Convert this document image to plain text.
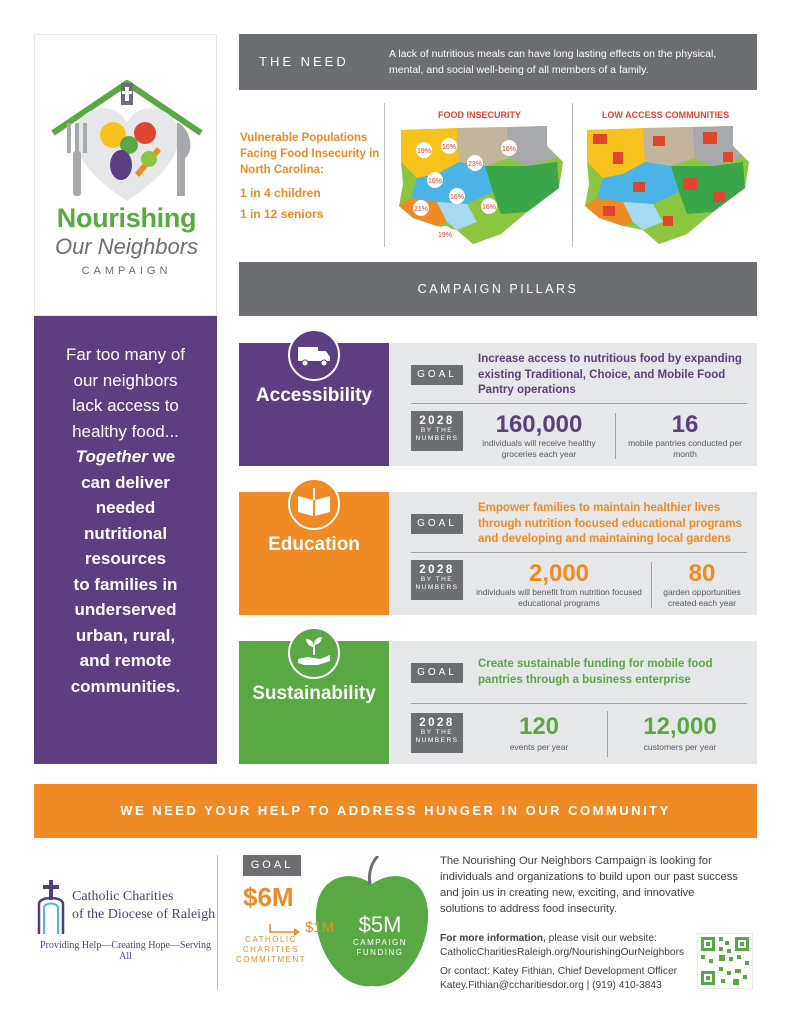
Nourishing
Our Neighbors
CAMPAIGN
Far too many of
our neighbors
lack access to
healthy food...
Together we
can deliver
needed
nutritional
resources
to families in
underserved
urban, rural,
and remote
communities.
THE NEED	A lack of nutritious meals can have long lasting effects on the physical, mental, and social well-being of all members of a family.
Vulnerable Populations Facing Food Insecurity in North Carolina:
1 in 4 children
1 in 12 seniors
FOOD INSECURITY
19%
16%	16%
23%
16%
16%
16%
21%
19%
LOW ACCESS COMMUNITIES
CAMPAIGN PILLARS
Accessibility
GOAL
Increase access to nutritious food by expanding existing Traditional, Choice, and Mobile Food Pantry operations
2028
BY THE
NUMBERS
160,000
individuals will receive healthy groceries each year
16
mobile pantries conducted per month
Education
GOAL
Empower families to maintain healthier lives through nutrition focused educational programs and developing and maintaining local gardens
2028
BY THE
NUMBERS
2,000
individuals will benefit from nutrition focused educational programs
80
garden opportunities created each year
Sustainability
GOAL
Create sustainable funding for mobile food pantries through a business enterprise
2028
BY THE
NUMBERS
120
events per year
12,000
customers per year
WE NEED YOUR HELP TO ADDRESS HUNGER IN OUR COMMUNITY
Catholic Charities
of the Diocese of Raleigh
Providing Help—Creating Hope—Serving All
GOAL
$6M
$1M
CATHOLIC
CHARITIES
COMMITMENT
$5M
CAMPAIGN
FUNDING
The Nourishing Our Neighbors Campaign is looking for individuals and organizations to build upon our past success and join us in creating new, exciting, and innovative solutions to address food insecurity.
For more information, please visit our website:
CatholicCharitiesRaleigh.org/NourishingOurNeighbors
Or contact: Katey Fithian, Chief Development Officer
Katey.Fithian@ccharitiesdor.org | (919) 410-3843
